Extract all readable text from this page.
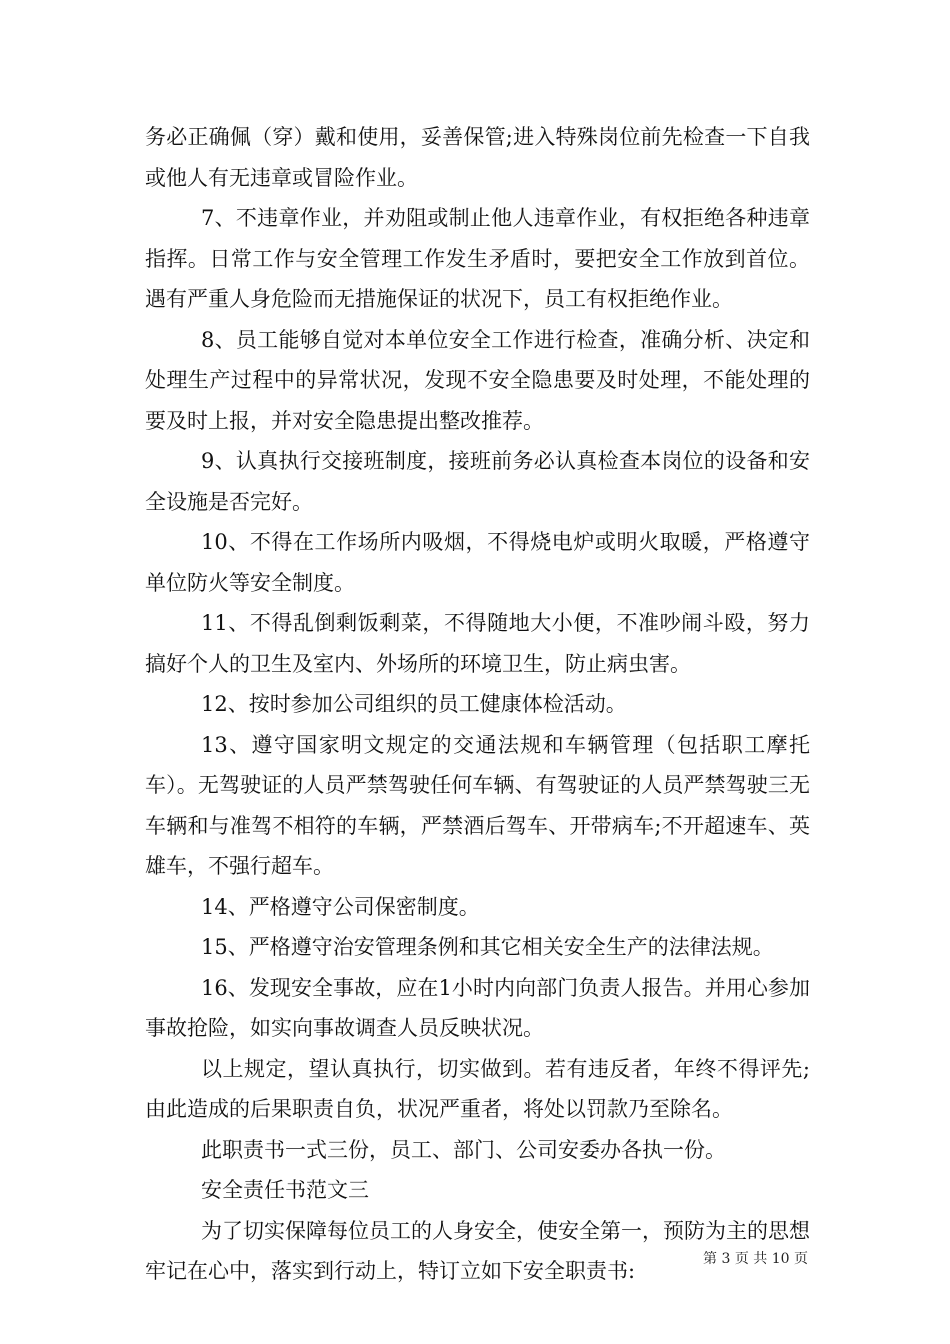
务必正确佩（穿）戴和使用，妥善保管;进入特殊岗位前先检查一下自我或他人有无违章或冒险作业。

7、不违章作业，并劝阻或制止他人违章作业，有权拒绝各种违章指挥。日常工作与安全管理工作发生矛盾时，要把安全工作放到首位。遇有严重人身危险而无措施保证的状况下，员工有权拒绝作业。

8、员工能够自觉对本单位安全工作进行检查，准确分析、决定和处理生产过程中的异常状况，发现不安全隐患要及时处理，不能处理的要及时上报，并对安全隐患提出整改推荐。

9、认真执行交接班制度，接班前务必认真检查本岗位的设备和安全设施是否完好。

10、不得在工作场所内吸烟，不得烧电炉或明火取暖，严格遵守单位防火等安全制度。

11、不得乱倒剩饭剩菜，不得随地大小便，不准吵闹斗殴，努力搞好个人的卫生及室内、外场所的环境卫生，防止病虫害。

12、按时参加公司组织的员工健康体检活动。

13、遵守国家明文规定的交通法规和车辆管理（包括职工摩托车）。无驾驶证的人员严禁驾驶任何车辆、有驾驶证的人员严禁驾驶三无车辆和与准驾不相符的车辆，严禁酒后驾车、开带病车;不开超速车、英雄车，不强行超车。

14、严格遵守公司保密制度。

15、严格遵守治安管理条例和其它相关安全生产的法律法规。

16、发现安全事故，应在1小时内向部门负责人报告。并用心参加事故抢险，如实向事故调查人员反映状况。

以上规定，望认真执行，切实做到。若有违反者，年终不得评先;由此造成的后果职责自负，状况严重者，将处以罚款乃至除名。

此职责书一式三份，员工、部门、公司安委办各执一份。

安全责任书范文三

为了切实保障每位员工的人身安全，使安全第一，预防为主的思想牢记在心中，落实到行动上，特订立如下安全职责书:	第 3 页 共 10 页
